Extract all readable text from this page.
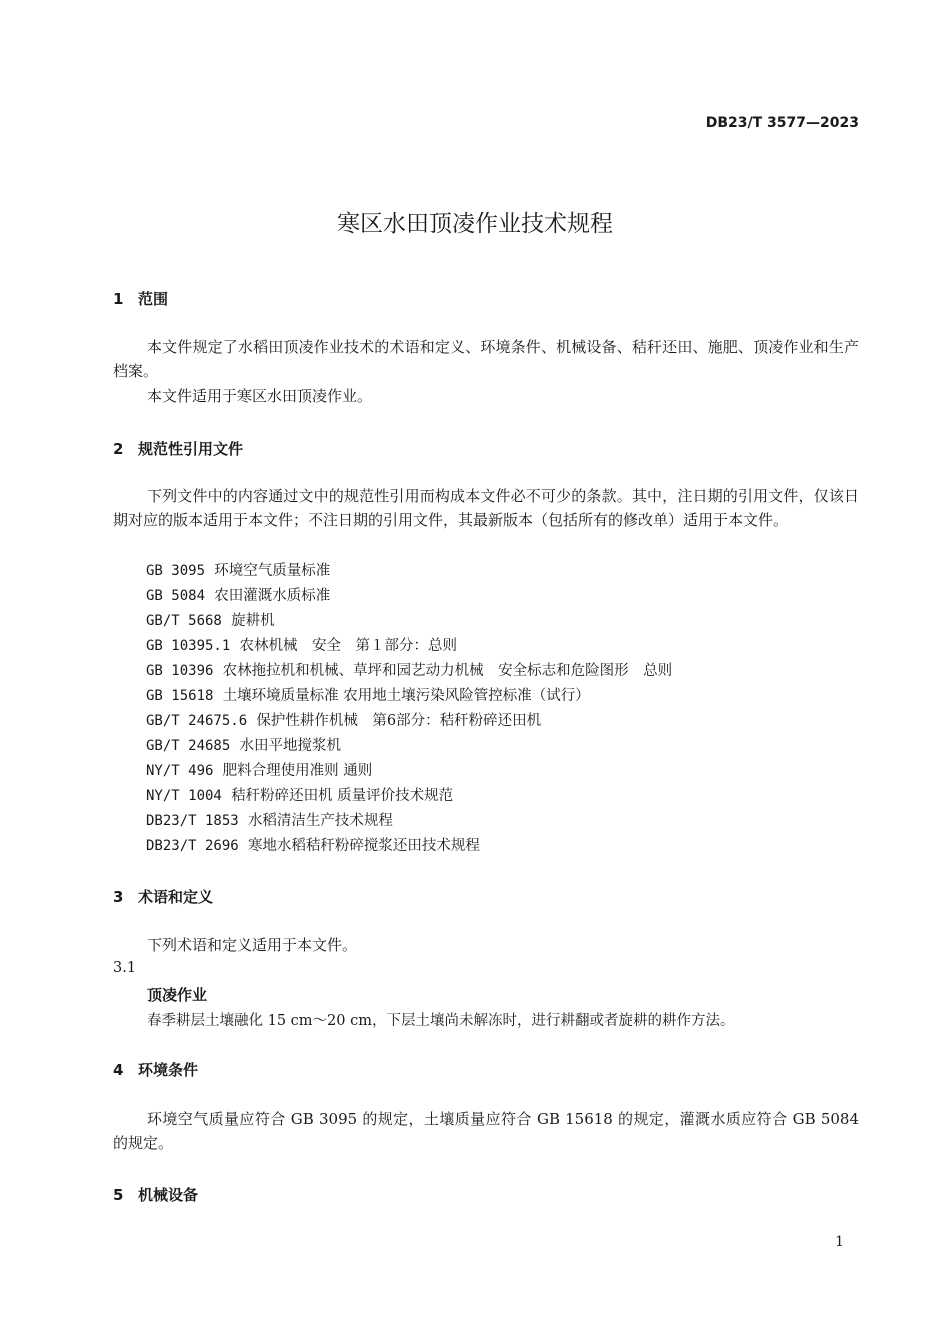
DB23/T 3577—2023
寒区水田顶凌作业技术规程
1 范围
本文件规定了水稻田顶凌作业技术的术语和定义、环境条件、机械设备、秸秆还田、施肥、顶凌作业和生产档案。
本文件适用于寒区水田顶凌作业。
2 规范性引用文件
下列文件中的内容通过文中的规范性引用而构成本文件必不可少的条款。其中，注日期的引用文件，仅该日期对应的版本适用于本文件；不注日期的引用文件，其最新版本（包括所有的修改单）适用于本文件。
GB 3095 环境空气质量标准
GB 5084 农田灌溉水质标准
GB/T 5668 旋耕机
GB 10395.1 农林机械　安全　第１部分：总则
GB 10396 农林拖拉机和机械、草坪和园艺动力机械　安全标志和危险图形　总则
GB 15618 土壤环境质量标准 农用地土壤污染风险管控标准（试行）
GB/T 24675.6 保护性耕作机械　第6部分：秸秆粉碎还田机
GB/T 24685 水田平地搅浆机
NY/T 496 肥料合理使用准则 通则
NY/T 1004 秸秆粉碎还田机 质量评价技术规范
DB23/T 1853 水稻清洁生产技术规程
DB23/T 2696 寒地水稻秸秆粉碎搅浆还田技术规程
3 术语和定义
下列术语和定义适用于本文件。
3.1
顶凌作业
春季耕层土壤融化 15 cm～20 cm，下层土壤尚未解冻时，进行耕翻或者旋耕的耕作方法。
4 环境条件
环境空气质量应符合 GB 3095 的规定，土壤质量应符合 GB 15618 的规定，灌溉水质应符合 GB 5084 的规定。
5 机械设备
1
